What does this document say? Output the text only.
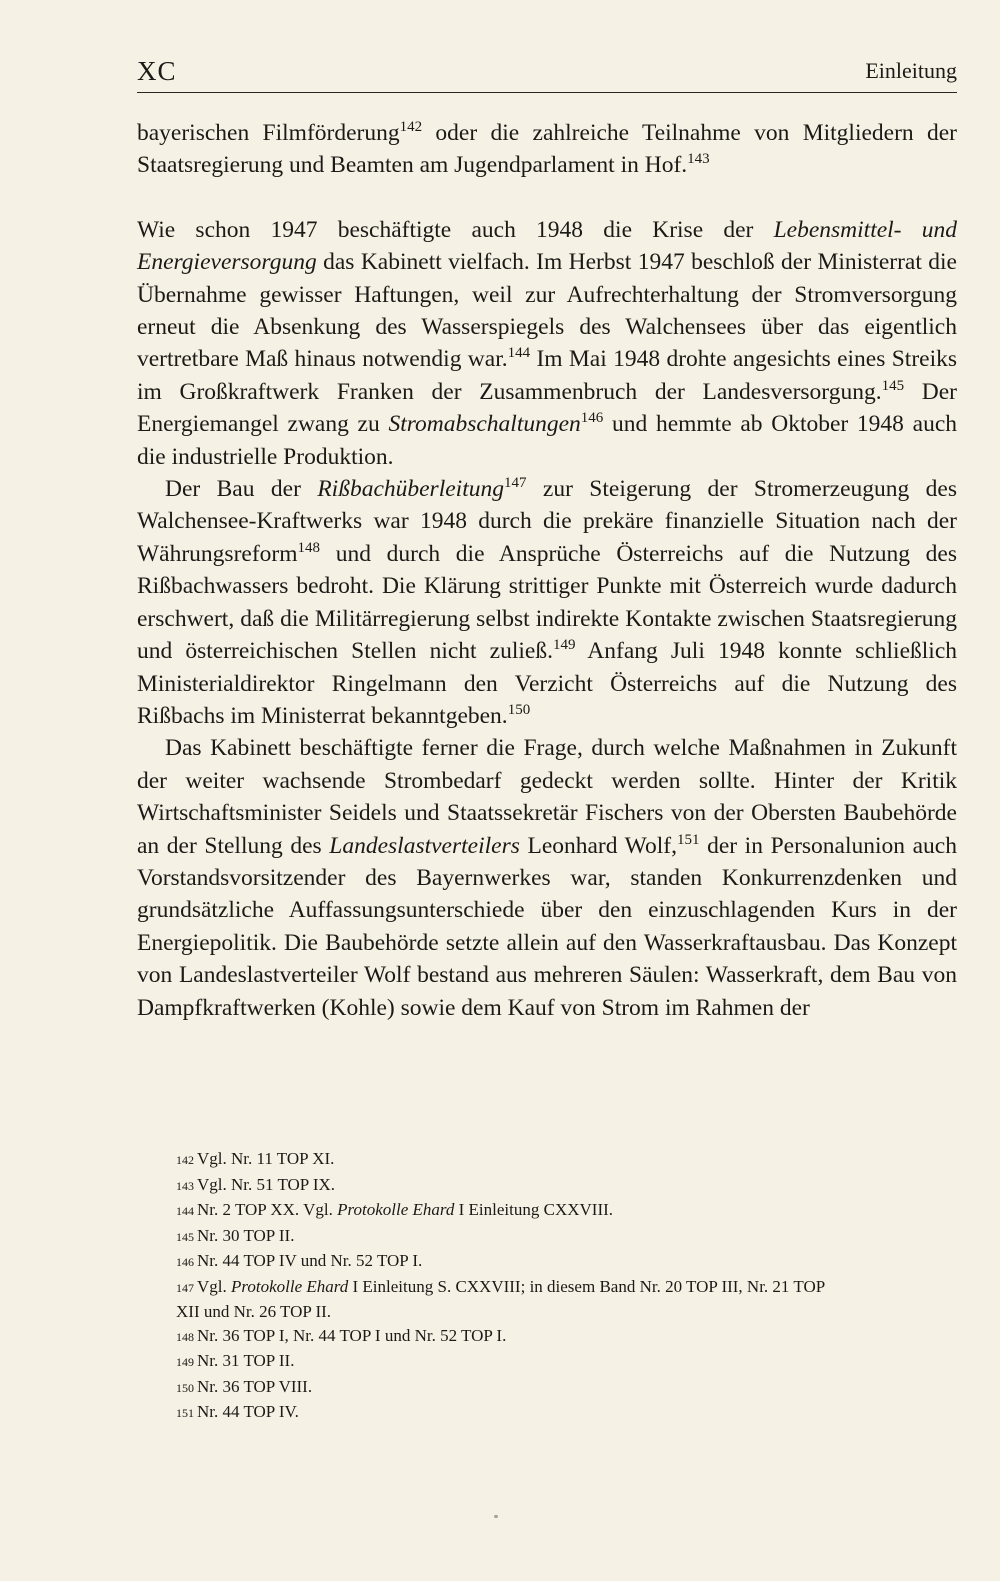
XC	Einleitung

bayerischen Filmförderung$^{142}$ oder die zahlreiche Teilnahme von Mitgliedern der Staatsregierung und Beamten am Jugendparlament in Hof.$^{143}$

Wie schon 1947 beschäftigte auch 1948 die Krise der Lebensmittel- und Energieversorgung das Kabinett vielfach. Im Herbst 1947 beschloß der Ministerrat die Übernahme gewisser Haftungen, weil zur Aufrechterhaltung der Stromversorgung erneut die Absenkung des Wasserspiegels des Walchensees über das eigentlich vertretbare Maß hinaus notwendig war.$^{144}$ Im Mai 1948 drohte angesichts eines Streiks im Großkraftwerk Franken der Zusammenbruch der Landesversorgung.$^{145}$ Der Energiemangel zwang zu Stromabschaltungen$^{146}$ und hemmte ab Oktober 1948 auch die industrielle Produktion.

Der Bau der Rißbachüberleitung$^{147}$ zur Steigerung der Stromerzeugung des Walchensee-Kraftwerks war 1948 durch die prekäre finanzielle Situation nach der Währungsreform$^{148}$ und durch die Ansprüche Österreichs auf die Nutzung des Rißbachwassers bedroht. Die Klärung strittiger Punkte mit Österreich wurde dadurch erschwert, daß die Militärregierung selbst indirekte Kontakte zwischen Staatsregierung und österreichischen Stellen nicht zuließ.$^{149}$ Anfang Juli 1948 konnte schließlich Ministerialdirektor Ringelmann den Verzicht Österreichs auf die Nutzung des Rißbachs im Ministerrat bekanntgeben.$^{150}$

Das Kabinett beschäftigte ferner die Frage, durch welche Maßnahmen in Zukunft der weiter wachsende Strombedarf gedeckt werden sollte. Hinter der Kritik Wirtschaftsminister Seidels und Staatssekretär Fischers von der Obersten Baubehörde an der Stellung des Landeslastverteilers Leonhard Wolf,$^{151}$ der in Personalunion auch Vorstandsvorsitzender des Bayernwerkes war, standen Konkurrenzdenken und grundsätzliche Auffassungsunterschiede über den einzuschlagenden Kurs in der Energiepolitik. Die Baubehörde setzte allein auf den Wasserkraftausbau. Das Konzept von Landeslastverteiler Wolf bestand aus mehreren Säulen: Wasserkraft, dem Bau von Dampfkraftwerken (Kohle) sowie dem Kauf von Strom im Rahmen der

142 Vgl. Nr. 11 TOP XI.
143 Vgl. Nr. 51 TOP IX.
144 Nr. 2 TOP XX. Vgl. Protokolle Ehard I Einleitung CXXVIII.
145 Nr. 30 TOP II.
146 Nr. 44 TOP IV und Nr. 52 TOP I.
147 Vgl. Protokolle Ehard I Einleitung S. CXXVIII; in diesem Band Nr. 20 TOP III, Nr. 21 TOP
XII und Nr. 26 TOP II.
148 Nr. 36 TOP I, Nr. 44 TOP I und Nr. 52 TOP I.
149 Nr. 31 TOP II.
150 Nr. 36 TOP VIII.
151 Nr. 44 TOP IV.
